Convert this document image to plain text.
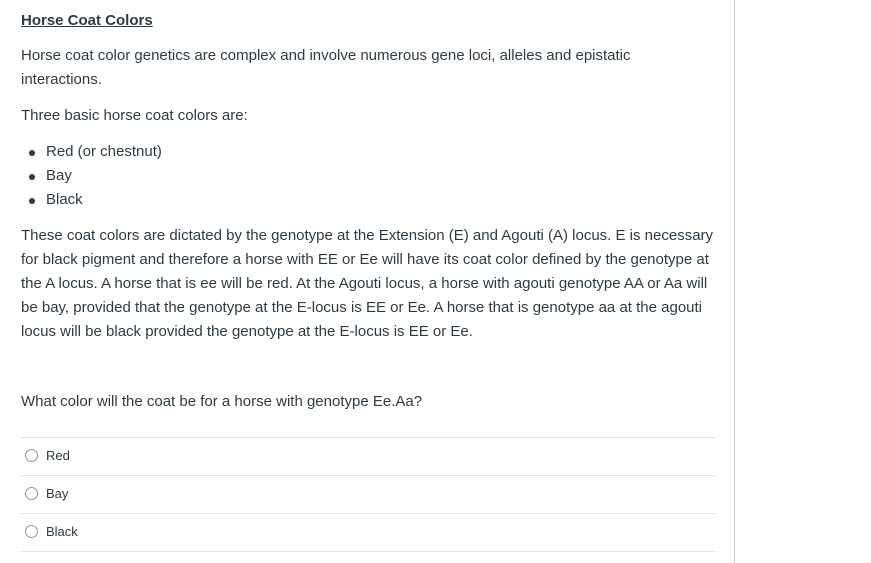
Horse Coat Colors

Horse coat color genetics are complex and involve numerous gene loci, alleles and epistatic interactions.

Three basic horse coat colors are:

Red (or chestnut)
Bay
Black

These coat colors are dictated by the genotype at the Extension (E) and Agouti (A) locus. E is necessary for black pigment and therefore a horse with EE or Ee will have its coat color defined by the genotype at the A locus. A horse that is ee will be red. At the Agouti locus, a horse with agouti genotype AA or Aa will be bay, provided that the genotype at the E-locus is EE or Ee. A horse that is genotype aa at the agouti locus will be black provided the genotype at the E-locus is EE or Ee.

What color will the coat be for a horse with genotype Ee.Aa?
Red
Bay
Black
